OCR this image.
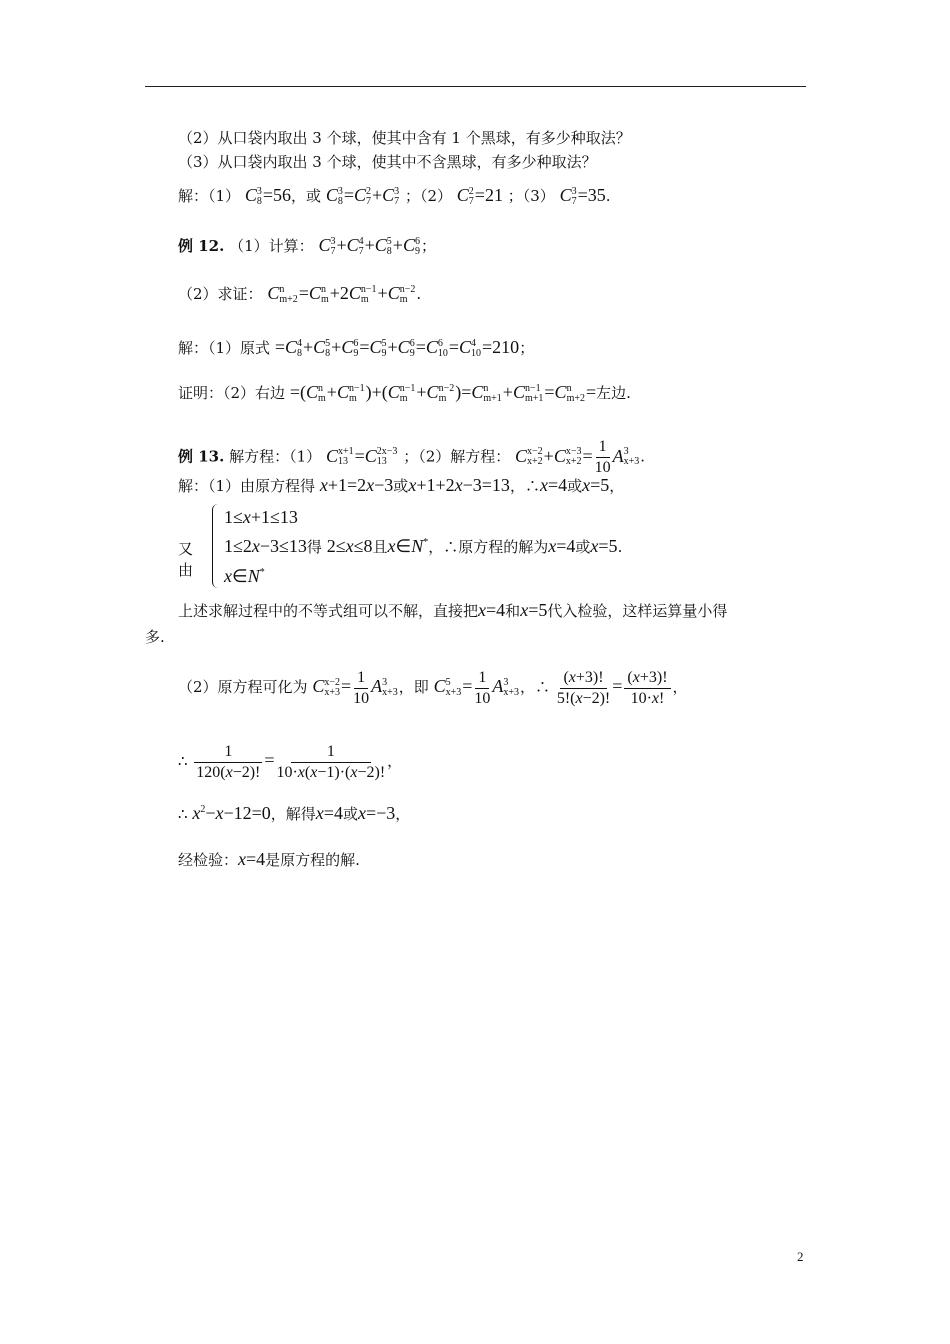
（2）从口袋内取出 3 个球，使其中含有 1 个黑球，有多少种取法？
（3）从口袋内取出 3 个球，使其中不含黑球，有多少种取法？
解：（1） C 3
8 =56，或 C 3
8 =C 2
7 +C 3
7 ；（2） C 2
7 =21 ；（3） C 3
7 =35.
例 12. （1）计算： C 3
7 +C 4
7 +C 5
8 +C 6
9 ；
（2）求证： C n
m+2 =C n
m +2C n−1
m +C n−2
m .
解：（1）原式 =C 4
8 +C 5
8 +C 6
9 =C 5
9 +C 6
9 =C 6
10 =C 4
10 =210；
证明：（2）右边 =(C n
m +C n−1
m )+(C n−1
m +C n−2
m )=C n
m+1 +C n−1
m+1 =C n
m+2 =左边.
例 13. 解方程：（1） C x+1
13 =C 2x−3
13	；（2）解方程： C x−2
x+2 +C x−3
$x+2 = \frac{1}{10}$ A 3
x+3 .
解：（1）由原方程得 x+1=2x−3或x+1+2x−3=13，∴x=4或x=5，
又由
1≤x+1≤13
1≤2x−3≤13得 2≤x≤8且x∈N*，∴原方程的解为x=4或x=5.
x∈N*
上述求解过程中的不等式组可以不解，直接把x=4和x=5代入检验，这样运算量小得
多.
（2）原方程可化为 C x−2
$x+3 = \frac{1}{10}$ A 3
x+3 ，即 C 5
$x+3 = \frac{1}{10}$ A 3
x+3 ，∴ $\frac{(x+3)!}{5!(x-2)!} = \frac{(x+3)!}{10\cdot x!}$ ，
∴ $\frac{1}{120(x-2)!} = \frac{1}{10\cdot x(x-1)\cdot(x-2)!}$ ，
∴ $x^2-x-12=0$，解得x=4或x=−3，
经检验：x=4是原方程的解.
2
